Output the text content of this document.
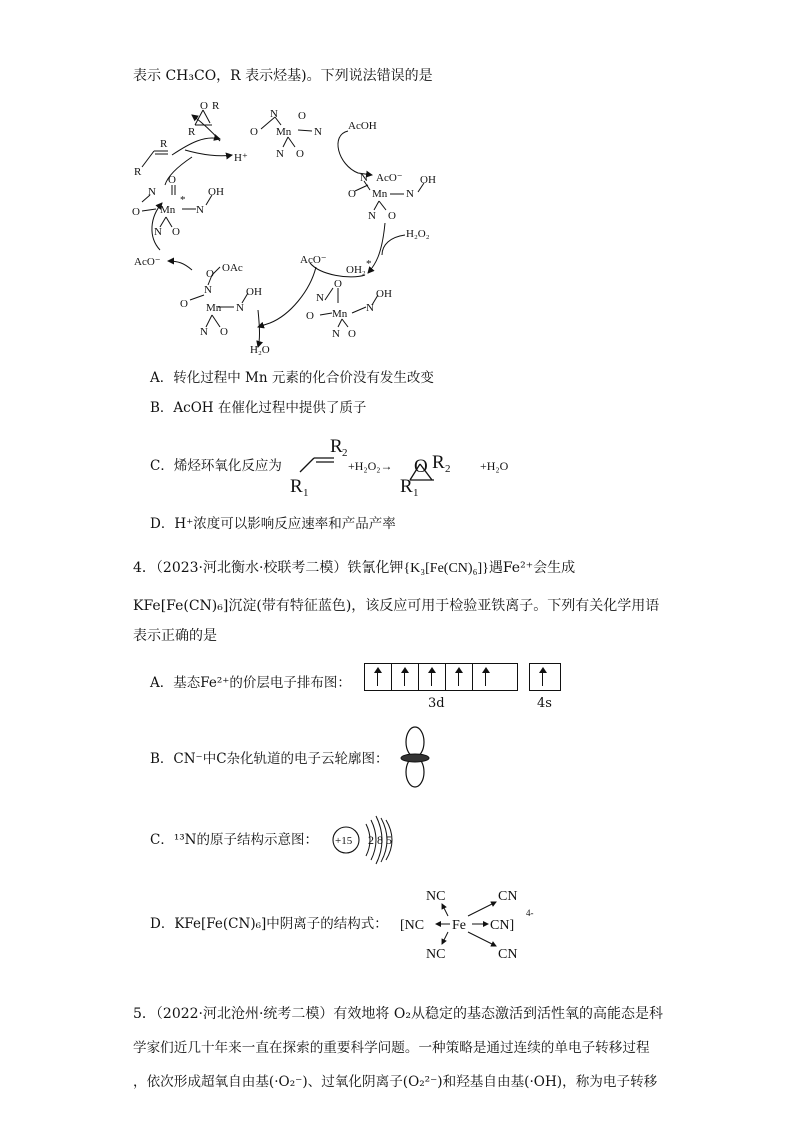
表示 CH₃CO，R 表示烃基)。下列说法错误的是
R
R
O R
R
H⁺
N O
O Mn N
N O
AcOH
N AcO⁻
O Mn N
OH
N O
H₂O₂
AcO⁻
OH₂ *
N
O
O Mn N
OH
N O
N
O OAc
O Mn N
OH
N O
H₂O
AcO⁻
N
O
O Mn
*
N
OH
N O
A．转化过程中 Mn 元素的化合价没有发生改变
B．AcOH 在催化过程中提供了质子
C．烯烃环氧化反应为
R 2
R 1
+H₂O₂→ O R 2
R 1
+H₂O
D．H⁺浓度可以影响反应速率和产品产率
4．（2023·河北衡水·校联考二模）铁氰化钾{K₃[Fe(CN)₆]}遇Fe²⁺会生成
KFe[Fe(CN)₆]沉淀(带有特征蓝色)，该反应可用于检验亚铁离子。下列有关化学用语
表示正确的是
A．基态Fe²⁺的价层电子排布图：
3d	4s
B．CN⁻中C杂化轨道的电子云轮廓图：
C．¹³N的原子结构示意图： +15 2 8 5
D．KFe[Fe(CN)₆]中阴离子的结构式：
NC	CN
[NC Fe CN]
4-
NC	CN
5．（2022·河北沧州·统考二模）有效地将 O₂从稳定的基态激活到活性氧的高能态是科
学家们近几十年来一直在探索的重要科学问题。一种策略是通过连续的单电子转移过程
，依次形成超氧自由基(·O₂⁻)、过氧化阴离子(O₂²⁻)和羟基自由基(·OH)，称为电子转移
